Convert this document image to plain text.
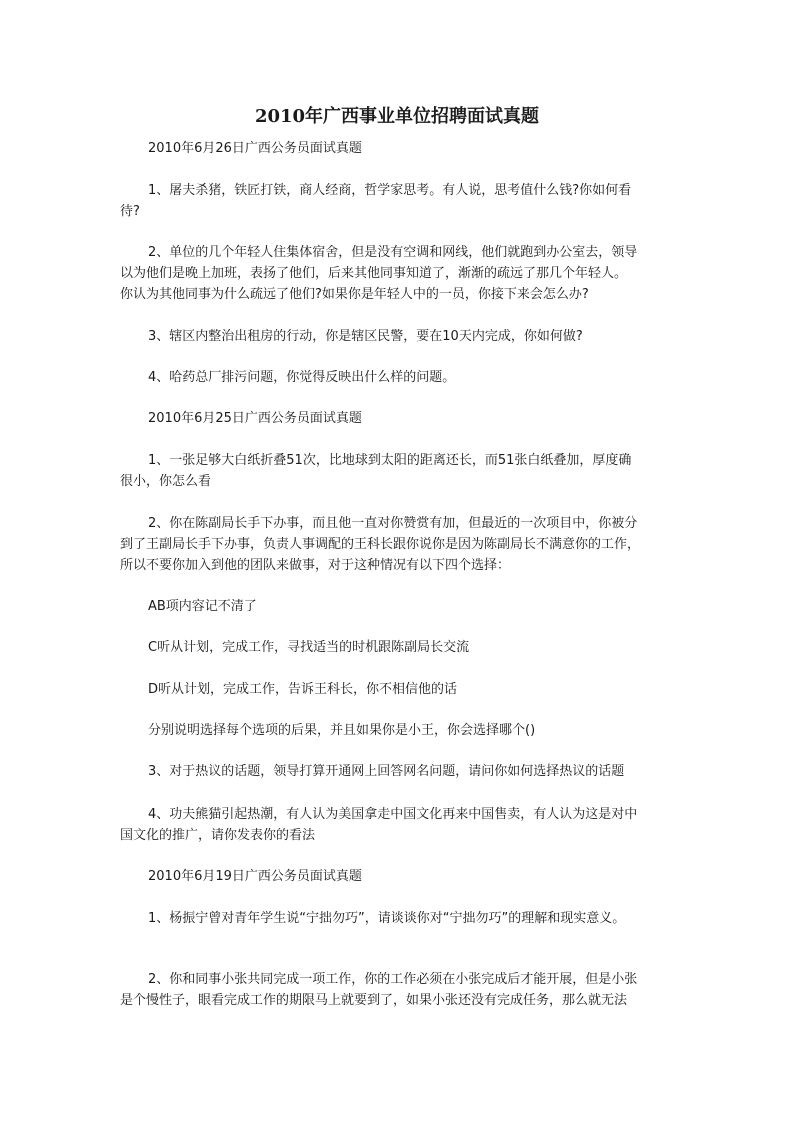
2010年广西事业单位招聘面试真题
2010年6月26日广西公务员面试真题
1、屠夫杀猪，铁匠打铁，商人经商，哲学家思考。有人说，思考值什么钱?你如何看
待?
2、单位的几个年轻人住集体宿舍，但是没有空调和网线，他们就跑到办公室去，领导
以为他们是晚上加班，表扬了他们，后来其他同事知道了，渐渐的疏远了那几个年轻人。
你认为其他同事为什么疏远了他们?如果你是年轻人中的一员，你接下来会怎么办?
3、辖区内整治出租房的行动，你是辖区民警，要在10天内完成，你如何做?
4、哈药总厂排污问题，你觉得反映出什么样的问题。
2010年6月25日广西公务员面试真题
1、一张足够大白纸折叠51次，比地球到太阳的距离还长，而51张白纸叠加，厚度确
很小，你怎么看
2、你在陈副局长手下办事，而且他一直对你赞赏有加，但最近的一次项目中，你被分
到了王副局长手下办事，负责人事调配的王科长跟你说你是因为陈副局长不满意你的工作，
所以不要你加入到他的团队来做事，对于这种情况有以下四个选择：
AB项内容记不清了
C听从计划，完成工作，寻找适当的时机跟陈副局长交流
D听从计划，完成工作，告诉王科长，你不相信他的话
分别说明选择每个选项的后果，并且如果你是小王，你会选择哪个()
3、对于热议的话题，领导打算开通网上回答网名问题，请问你如何选择热议的话题
4、功夫熊猫引起热潮，有人认为美国拿走中国文化再来中国售卖，有人认为这是对中
国文化的推广，请你发表你的看法
2010年6月19日广西公务员面试真题
1、杨振宁曾对青年学生说“宁拙勿巧”，请谈谈你对“宁拙勿巧”的理解和现实意义。
2、你和同事小张共同完成一项工作，你的工作必须在小张完成后才能开展，但是小张
是个慢性子，眼看完成工作的期限马上就要到了，如果小张还没有完成任务，那么就无法
